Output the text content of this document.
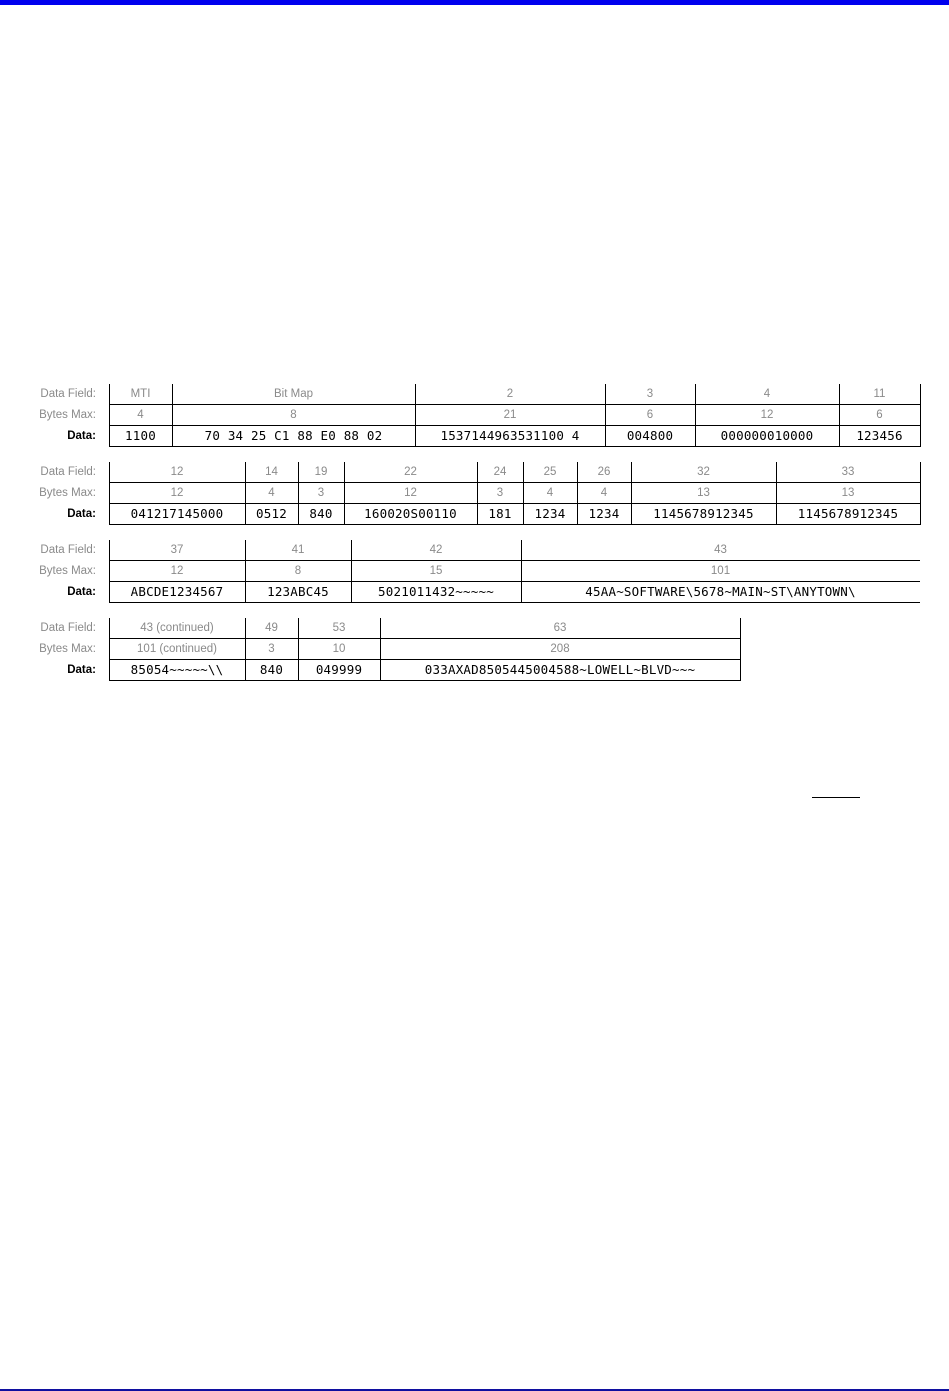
Data Field:	MTI	Bit Map	2	3	4	11
Bytes Max:	4	8	21	6	12	6
Data:	1100	70 34 25 C1 88 E0 88 02	1537144963531100 4	004800	000000010000	123456
Data Field:	12	14	19	22	24	25	26	32	33
Bytes Max:	12	4	3	12	3	4	4	13	13
Data:	041217145000	0512	840	160020S00110	181	1234	1234	1145678912345	1145678912345
Data Field:	37	41	42	43
Bytes Max:	12	8	15	101
Data:	ABCDE1234567	123ABC45	5021011432~~~~~	45AA~SOFTWARE\5678~MAIN~ST\ANYTOWN\
Data Field:	43 (continued)	49	53	63
Bytes Max:	101 (continued)	3	10	208
Data:	85054~~~~~\\	840	049999	033AXAD8505445004588~LOWELL~BLVD~~~
